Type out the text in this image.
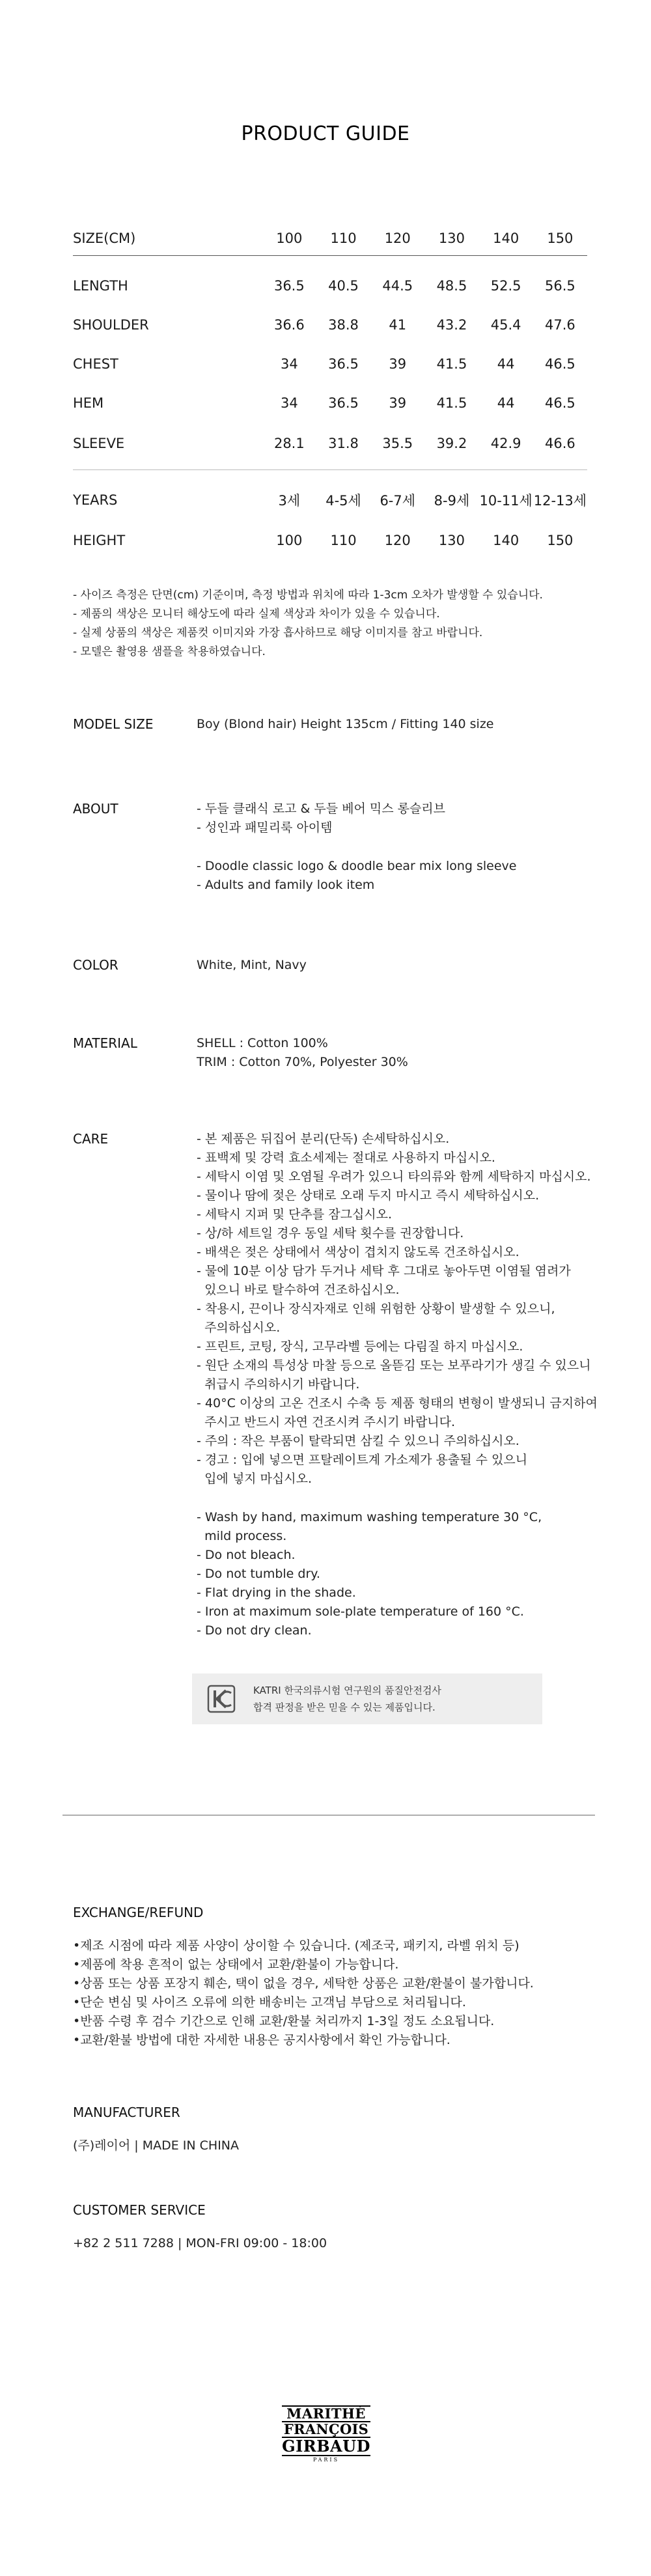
PRODUCT GUIDE
SIZE(CM)	100	110	120	130	140	150
LENGTH	36.5	40.5	44.5	48.5	52.5	56.5
SHOULDER	36.6	38.8	41	43.2	45.4	47.6
CHEST	34	36.5	39	41.5	44	46.5
HEM	34	36.5	39	41.5	44	46.5
SLEEVE	28.1	31.8	35.5	39.2	42.9	46.6
YEARS	3세	4-5세	6-7세	8-9세	10-11세	12-13세
HEIGHT	100	110	120	130	140	150
- 사이즈 측정은 단면(cm) 기준이며, 측정 방법과 위치에 따라 1-3cm 오차가 발생할 수 있습니다.
- 제품의 색상은 모니터 해상도에 따라 실제 색상과 차이가 있을 수 있습니다.
- 실제 상품의 색상은 제품컷 이미지와 가장 흡사하므로 해당 이미지를 참고 바랍니다.
- 모델은 촬영용 샘플을 착용하였습니다.
MODEL SIZE	Boy (Blond hair) Height 135cm / Fitting 140 size
ABOUT	- 두들 클래식 로고 & 두들 베어 믹스 롱슬리브
- 성인과 패밀리룩 아이템
- Doodle classic logo & doodle bear mix long sleeve
- Adults and family look item
COLOR	White, Mint, Navy
MATERIAL	SHELL : Cotton 100%
TRIM : Cotton 70%, Polyester 30%
CARE	- 본 제품은 뒤집어 분리(단독) 손세탁하십시오.
- 표백제 및 강력 효소세제는 절대로 사용하지 마십시오.
- 세탁시 이염 및 오염될 우려가 있으니 타의류와 함께 세탁하지 마십시오.
- 물이나 땀에 젖은 상태로 오래 두지 마시고 즉시 세탁하십시오.
- 세탁시 지퍼 및 단추를 잠그십시오.
- 상/하 세트일 경우 동일 세탁 횟수를 권장합니다.
- 배색은 젖은 상태에서 색상이 겹치지 않도록 건조하십시오.
- 물에 10분 이상 담가 두거나 세탁 후 그대로 놓아두면 이염될 염려가
있으니 바로 탈수하여 건조하십시오.
- 착용시, 끈이나 장식자재로 인해 위험한 상황이 발생할 수 있으니,
주의하십시오.
- 프린트, 코팅, 장식, 고무라벨 등에는 다림질 하지 마십시오.
- 원단 소재의 특성상 마찰 등으로 올뜯김 또는 보푸라기가 생길 수 있으니
취급시 주의하시기 바랍니다.
- 40°C 이상의 고온 건조시 수축 등 제품 형태의 변형이 발생되니 금지하여
주시고 반드시 자연 건조시켜 주시기 바랍니다.
- 주의 : 작은 부품이 탈락되면 삼킬 수 있으니 주의하십시오.
- 경고 : 입에 넣으면 프탈레이트계 가소제가 용출될 수 있으니
입에 넣지 마십시오.
- Wash by hand, maximum washing temperature 30 °C,
mild process.
- Do not bleach.
- Do not tumble dry.
- Flat drying in the shade.
- Iron at maximum sole-plate temperature of 160 °C.
- Do not dry clean.
KATRI 한국의류시험 연구원의 품질안전검사
합격 판정을 받은 믿을 수 있는 제품입니다.
EXCHANGE/REFUND
•제조 시점에 따라 제품 사양이 상이할 수 있습니다. (제조국, 패키지, 라벨 위치 등)
•제품에 착용 흔적이 없는 상태에서 교환/환불이 가능합니다.
•상품 또는 상품 포장지 훼손, 택이 없을 경우, 세탁한 상품은 교환/환불이 불가합니다.
•단순 변심 및 사이즈 오류에 의한 배송비는 고객님 부담으로 처리됩니다.
•반품 수령 후 검수 기간으로 인해 교환/환불 처리까지 1-3일 정도 소요됩니다.
•교환/환불 방법에 대한 자세한 내용은 공지사항에서 확인 가능합니다.
MANUFACTURER
(주)레이어 | MADE IN CHINA
CUSTOMER SERVICE
+82 2 511 7288 | MON-FRI 09:00 - 18:00
MARITHÉ
FRANÇOIS
GIRBAUD
PARIS
